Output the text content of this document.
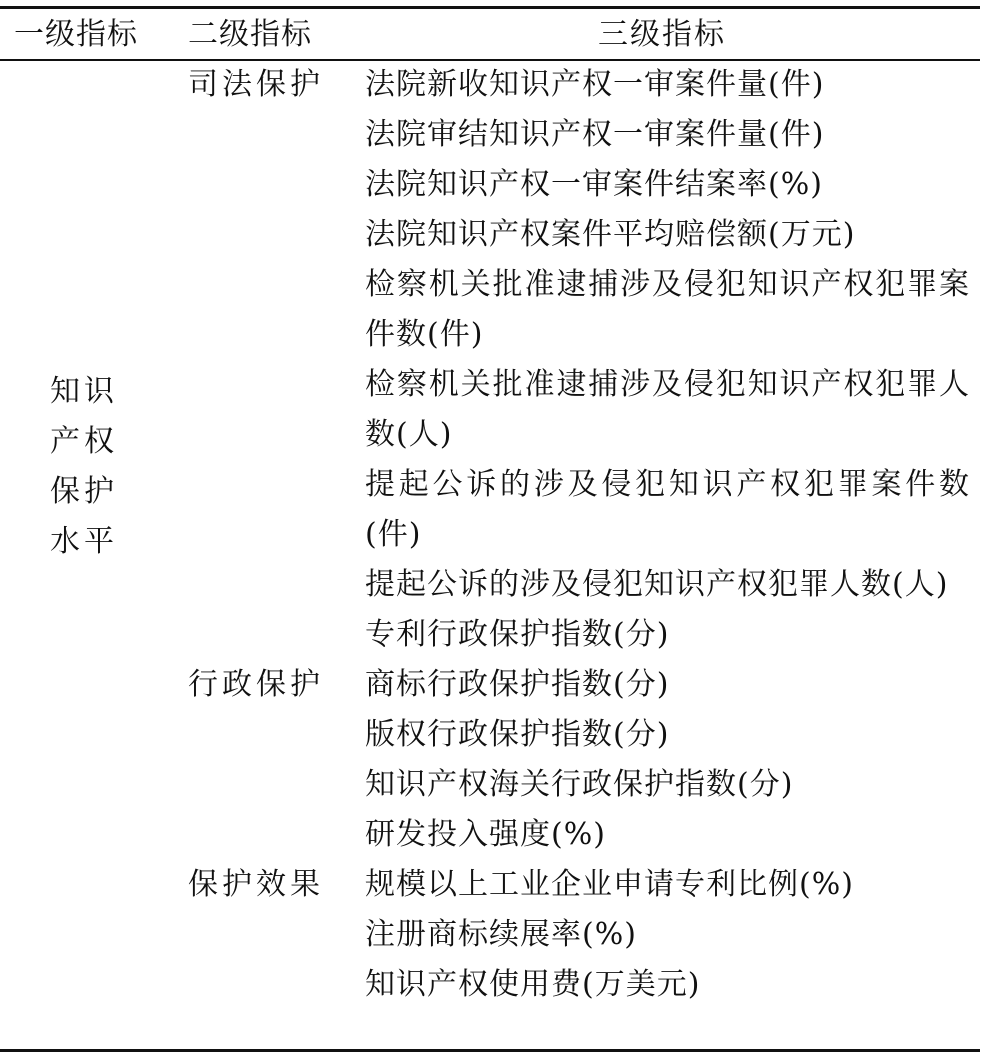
一级指标 二级指标	三级指标
知识
产权
保护
水平
司法保护
行政保护
保护效果
法院新收知识产权一审案件量(件)
法院审结知识产权一审案件量(件)
法院知识产权一审案件结案率(%)
法院知识产权案件平均赔偿额(万元)
检察机关批准逮捕涉及侵犯知识产权犯罪案件数(件)
检察机关批准逮捕涉及侵犯知识产权犯罪人数(人)
提起公诉的涉及侵犯知识产权犯罪案件数(件)
提起公诉的涉及侵犯知识产权犯罪人数(人)
专利行政保护指数(分)
商标行政保护指数(分)
版权行政保护指数(分)
知识产权海关行政保护指数(分)
研发投入强度(%)
规模以上工业企业申请专利比例(%)
注册商标续展率(%)
知识产权使用费(万美元)
